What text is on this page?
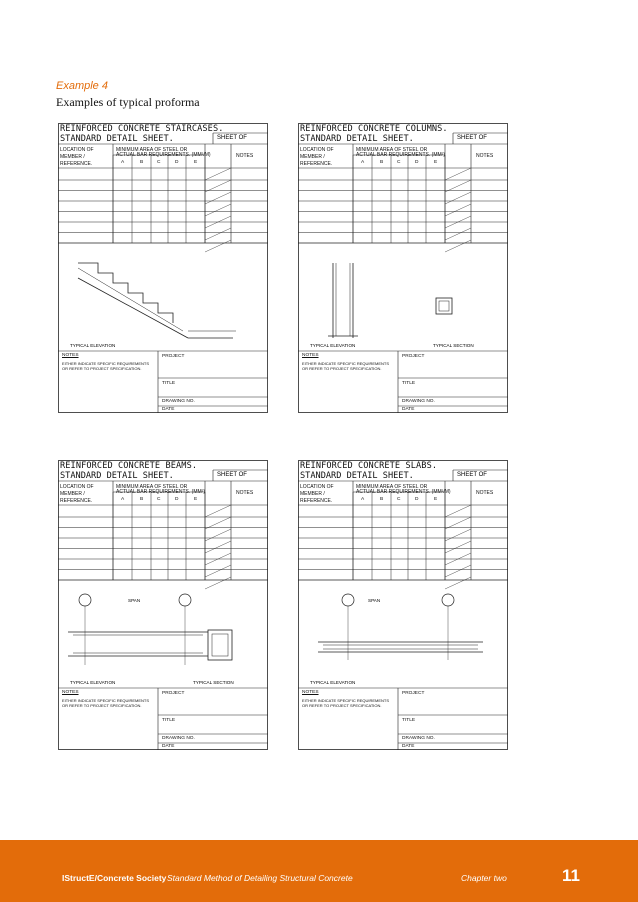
Example 4
Examples of typical proforma
REINFORCED CONCRETE STAIRCASES.
STANDARD DETAIL SHEET.	SHEET OF
LOCATION OF
MEMBER /
REFERENCE.
MINIMUM AREA OF STEEL OR
ACTUAL BAR REQUIREMENTS. (MM²/M)	NOTES
A	B	C	D	E
TYPICAL ELEVATION
NOTES
EITHER INDICATE SPECIFIC REQUIREMENTS
OR REFER TO PROJECT SPECIFICATION.
PROJECT
TITLE
DRAWING NO.
DATE
REINFORCED CONCRETE COLUMNS.
STANDARD DETAIL SHEET.	SHEET OF
LOCATION OF
MEMBER /
REFERENCE.
MINIMUM AREA OF STEEL OR
ACTUAL BAR REQUIREMENTS. (MM²)	NOTES
A	B	C	D	E
TYPICAL ELEVATION	TYPICAL SECTION
NOTES
EITHER INDICATE SPECIFIC REQUIREMENTS
OR REFER TO PROJECT SPECIFICATION.
PROJECT
TITLE
DRAWING NO.
DATE
REINFORCED CONCRETE BEAMS.
STANDARD DETAIL SHEET.	SHEET OF
LOCATION OF
MEMBER /
REFERENCE.
MINIMUM AREA OF STEEL OR
ACTUAL BAR REQUIREMENTS. (MM²)	NOTES
A	B	C	D	E
TYPICAL ELEVATION	TYPICAL SECTION
SPAN
NOTES
EITHER INDICATE SPECIFIC REQUIREMENTS
OR REFER TO PROJECT SPECIFICATION.
PROJECT
TITLE
DRAWING NO.
DATE
REINFORCED CONCRETE SLABS.
STANDARD DETAIL SHEET.	SHEET OF
LOCATION OF
MEMBER /
REFERENCE.
MINIMUM AREA OF STEEL OR
ACTUAL BAR REQUIREMENTS. (MM²/M)	NOTES
A	B	C	D	E
TYPICAL ELEVATION
SPAN
NOTES
EITHER INDICATE SPECIFIC REQUIREMENTS
OR REFER TO PROJECT SPECIFICATION.
PROJECT
TITLE
DRAWING NO.
DATE
IStructE/Concrete Society Standard Method of Detailing Structural Concrete	Chapter two	11
